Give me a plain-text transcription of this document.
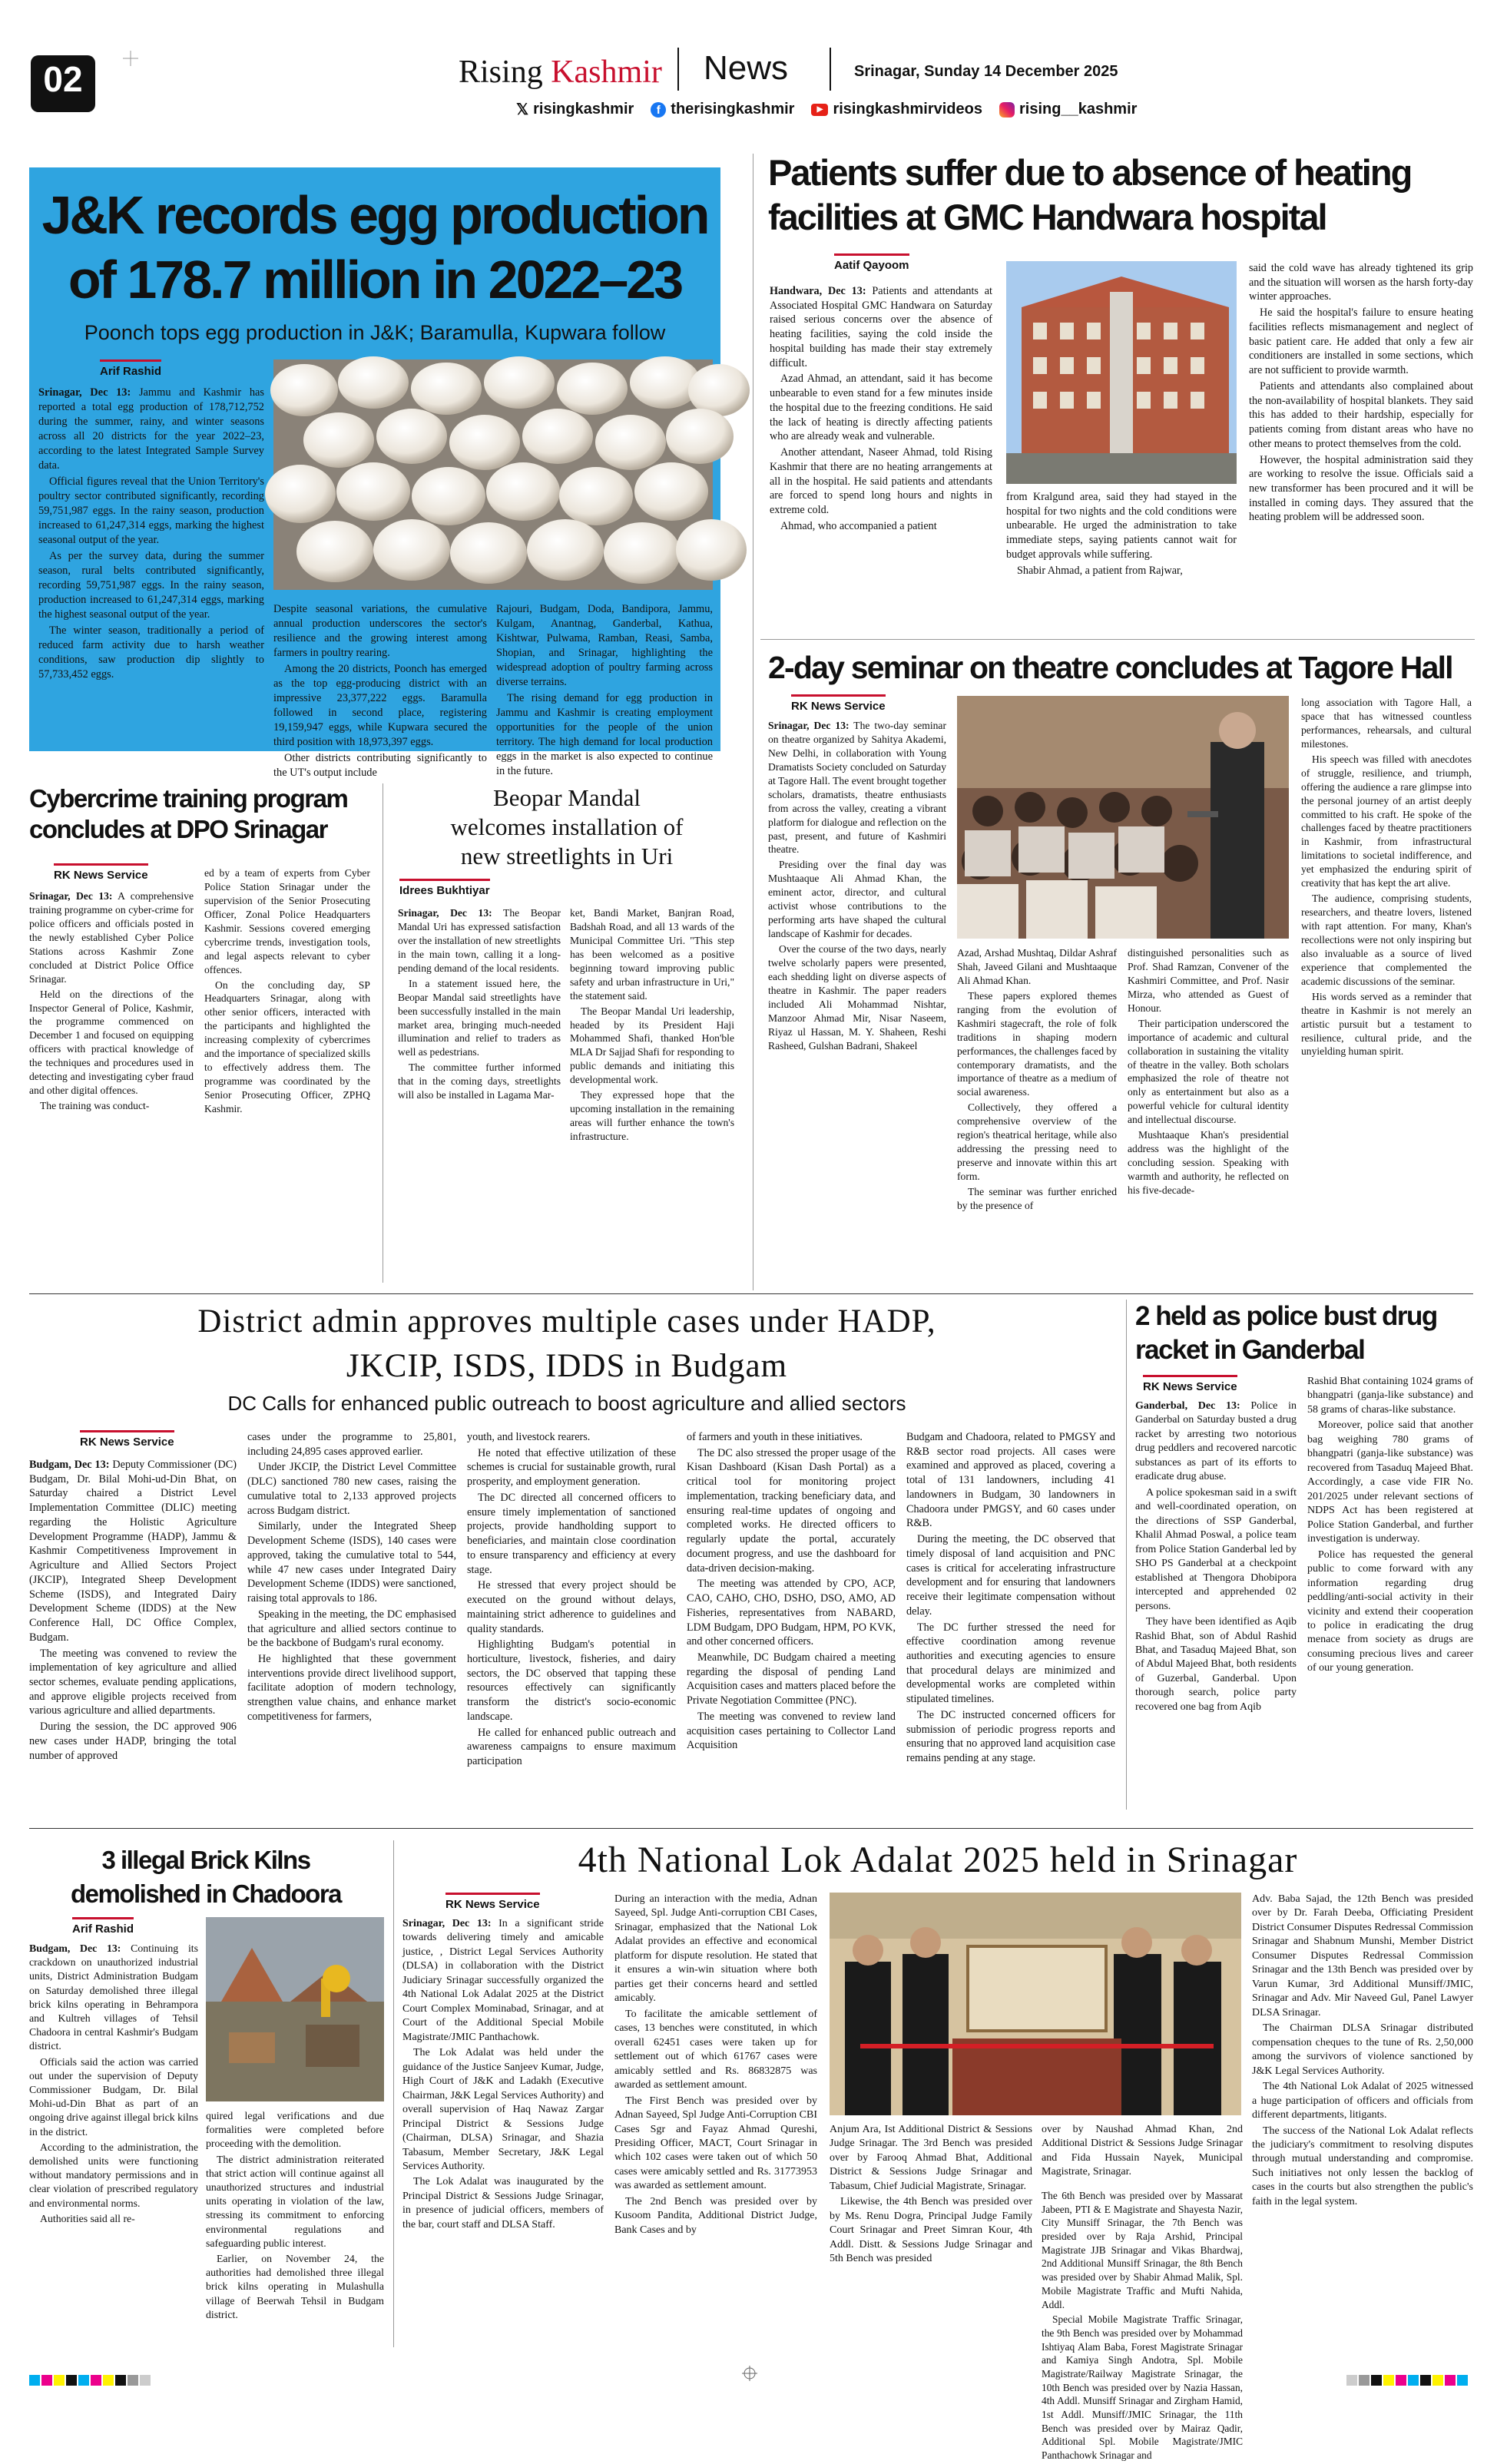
02	Rising Kashmir News	Srinagar, Sunday 14 December 2025
𝕏 risingkashmir	f therisingkashmir	▶ risingkashmirvideos rising__kashmir
J&K records egg production
of 178.7 million in 2022–23
Poonch tops egg production in J&K; Baramulla, Kupwara follow
Arif Rashid

Srinagar, Dec 13: Jammu and Kashmir has reported a total egg production of 178,712,752 during the summer, rainy, and winter seasons across all 20 districts for the year 2022–23, according to the latest Integrated Sample Survey data.

Official figures reveal that the Union Territory's poultry sector contributed significantly, recording 59,751,987 eggs. In the rainy season, production increased to 61,247,314 eggs, marking the highest seasonal output of the year.

As per the survey data, during the summer season, rural belts contributed significantly, recording 59,751,987 eggs. In the rainy season, production increased to 61,247,314 eggs, marking the highest seasonal output of the year.

The winter season, traditionally a period of reduced farm activity due to harsh weather conditions, saw production dip slightly to 57,733,452 eggs.

Despite seasonal variations, the cumulative annual production underscores the sector's resilience and the growing interest among farmers in poultry rearing.

Among the 20 districts, Poonch has emerged as the top egg-producing district with an impressive 23,377,222 eggs. Baramulla followed in second place, registering 19,159,947 eggs, while Kupwara secured the third position with 18,973,397 eggs.

Other districts contributing significantly to the UT's output include

Rajouri, Budgam, Doda, Bandipora, Jammu, Kulgam, Anantnag, Ganderbal, Kathua, Kishtwar, Pulwama, Ramban, Reasi, Samba, Shopian, and Srinagar, highlighting the widespread adoption of poultry farming across diverse terrains.

The rising demand for egg production in Jammu and Kashmir is creating employment opportunities for the people of the union territory. The high demand for local production eggs in the market is also expected to continue in the future.

Patients suffer due to absence of heating
facilities at GMC Handwara hospital
Aatif Qayoom

Handwara, Dec 13: Patients and attendants at Associated Hospital GMC Handwara on Saturday raised serious concerns over the absence of heating facilities, saying the cold inside the hospital building has made their stay extremely difficult.

Azad Ahmad, an attendant, said it has become unbearable to even stand for a few minutes inside the hospital due to the freezing conditions. He said the lack of heating is directly affecting patients who are already weak and vulnerable.

Another attendant, Naseer Ahmad, told Rising Kashmir that there are no heating arrangements at all in the hospital. He said patients and attendants are forced to spend long hours and nights in extreme cold.

Ahmad, who accompanied a patient

from Kralgund area, said they had stayed in the hospital for two nights and the cold conditions were unbearable. He urged the administration to take immediate steps, saying patients cannot wait for budget approvals while suffering.

Shabir Ahmad, a patient from Rajwar,

said the cold wave has already tightened its grip and the situation will worsen as the harsh forty-day winter approaches.

He said the hospital's failure to ensure heating facilities reflects mismanagement and neglect of basic patient care. He added that only a few air conditioners are installed in some sections, which are not sufficient to provide warmth.

Patients and attendants also complained about the non-availability of hospital blankets. They said this has added to their hardship, especially for patients coming from distant areas who have no other means to protect themselves from the cold.

However, the hospital administration said they are working to resolve the issue. Officials said a new transformer has been procured and it will be installed in coming days. They assured that the heating problem will be addressed soon.

2-day seminar on theatre concludes at Tagore Hall
RK News Service

Srinagar, Dec 13: The two-day seminar on theatre organized by Sahitya Akademi, New Delhi, in collaboration with Young Dramatists Society concluded on Saturday at Tagore Hall. The event brought together scholars, dramatists, theatre enthusiasts from across the valley, creating a vibrant platform for dialogue and reflection on the past, present, and future of Kashmiri theatre.

Presiding over the final day was Mushtaaque Ali Ahmad Khan, the eminent actor, director, and cultural activist whose contributions to the performing arts have shaped the cultural landscape of Kashmir for decades.

Over the course of the two days, nearly twelve scholarly papers were presented, each shedding light on diverse aspects of theatre in Kashmir. The paper readers included Ali Mohammad Nishtar, Manzoor Ahmad Mir, Nisar Naseem, Riyaz ul Hassan, M. Y. Shaheen, Reshi Rasheed, Gulshan Badrani, Shakeel

Azad, Arshad Mushtaq, Dildar Ashraf Shah, Javeed Gilani and Mushtaaque Ali Ahmad Khan.

These papers explored themes ranging from the evolution of Kashmiri stagecraft, the role of folk traditions in shaping modern performances, the challenges faced by contemporary dramatists, and the importance of theatre as a medium of social awareness.

Collectively, they offered a comprehensive overview of the region's theatrical heritage, while also addressing the pressing need to preserve and innovate within this art form.

The seminar was further enriched by the presence of

distinguished personalities such as Prof. Shad Ramzan, Convener of the Kashmiri Committee, and Prof. Nasir Mirza, who attended as Guest of Honour.

Their participation underscored the importance of academic and cultural collaboration in sustaining the vitality of theatre in the valley. Both scholars emphasized the role of theatre not only as entertainment but also as a powerful vehicle for cultural identity and intellectual discourse.

Mushtaaque Khan's presidential address was the highlight of the concluding session. Speaking with warmth and authority, he reflected on his five-decade-

long association with Tagore Hall, a space that has witnessed countless performances, rehearsals, and cultural milestones.

His speech was filled with anecdotes of struggle, resilience, and triumph, offering the audience a rare glimpse into the personal journey of an artist deeply committed to his craft. He spoke of the challenges faced by theatre practitioners in Kashmir, from infrastructural limitations to societal indifference, and yet emphasized the enduring spirit of creativity that has kept the art alive.

The audience, comprising students, researchers, and theatre lovers, listened with rapt attention. For many, Khan's recollections were not only inspiring but also invaluable as a source of lived experience that complemented the academic discussions of the seminar.

His words served as a reminder that theatre in Kashmir is not merely an artistic pursuit but a testament to resilience, cultural pride, and the unyielding human spirit.

Cybercrime training program
concludes at DPO Srinagar
RK News Service

Srinagar, Dec 13: A comprehensive training programme on cyber-crime for police officers and officials posted in the newly established Cyber Police Stations across Kashmir Zone concluded at District Police Office Srinagar.

Held on the directions of the Inspector General of Police, Kashmir, the programme commenced on December 1 and focused on equipping officers with practical knowledge of the techniques and procedures used in detecting and investigating cyber fraud and other digital offences.

The training was conduct-

ed by a team of experts from Cyber Police Station Srinagar under the supervision of the Senior Prosecuting Officer, Zonal Police Headquarters Kashmir. Sessions covered emerging cybercrime trends, investigation tools, and legal aspects relevant to cyber offences.

On the concluding day, SP Headquarters Srinagar, along with other senior officers, interacted with the participants and highlighted the increasing complexity of cybercrimes and the importance of specialized skills to effectively address them. The programme was coordinated by the Senior Prosecuting Officer, ZPHQ Kashmir.

Beopar Mandal
welcomes installation of
new streetlights in Uri
Idrees Bukhtiyar

Srinagar, Dec 13: The Beopar Mandal Uri has expressed satisfaction over the installation of new streetlights in the main town, calling it a long-pending demand of the local residents.

In a statement issued here, the Beopar Mandal said streetlights have been successfully installed in the main market area, bringing much-needed illumination and relief to traders as well as pedestrians.

The committee further informed that in the coming days, streetlights will also be installed in Lagama Mar-

ket, Bandi Market, Banjran Road, Badshah Road, and all 13 wards of the Municipal Committee Uri. "This step has been welcomed as a positive beginning toward improving public safety and urban infrastructure in Uri," the statement said.

The Beopar Mandal Uri leadership, headed by its President Haji Mohammed Shafi, thanked Hon'ble MLA Dr Sajjad Shafi for responding to public demands and initiating this developmental work.

They expressed hope that the upcoming installation in the remaining areas will further enhance the town's infrastructure.

District admin approves multiple cases under HADP,
JKCIP, ISDS, IDDS in Budgam
DC Calls for enhanced public outreach to boost agriculture and allied sectors
RK News Service

Budgam, Dec 13: Deputy Commissioner (DC) Budgam, Dr. Bilal Mohi-ud-Din Bhat, on Saturday chaired a District Level Implementation Committee (DLIC) meeting regarding the Holistic Agriculture Development Programme (HADP), Jammu & Kashmir Competitiveness Improvement in Agriculture and Allied Sectors Project (JKCIP), Integrated Sheep Development Scheme (ISDS), and Integrated Dairy Development Scheme (IDDS) at the New Conference Hall, DC Office Complex, Budgam.

The meeting was convened to review the implementation of key agriculture and allied sector schemes, evaluate pending applications, and approve eligible projects received from various agriculture and allied departments.

During the session, the DC approved 906 new cases under HADP, bringing the total number of approved

cases under the programme to 25,801, including 24,895 cases approved earlier.

Under JKCIP, the District Level Committee (DLC) sanctioned 780 new cases, raising the cumulative total to 2,133 approved projects across Budgam district.

Similarly, under the Integrated Sheep Development Scheme (ISDS), 140 cases were approved, taking the cumulative total to 544, while 47 new cases under Integrated Dairy Development Scheme (IDDS) were sanctioned, raising total approvals to 186.

Speaking in the meeting, the DC emphasised that agriculture and allied sectors continue to be the backbone of Budgam's rural economy.

He highlighted that these government interventions provide direct livelihood support, facilitate adoption of modern technology, strengthen value chains, and enhance market competitiveness for farmers,

youth, and livestock rearers.

He noted that effective utilization of these schemes is crucial for sustainable growth, rural prosperity, and employment generation.

The DC directed all concerned officers to ensure timely implementation of sanctioned projects, provide handholding support to beneficiaries, and maintain close coordination to ensure transparency and efficiency at every stage.

He stressed that every project should be executed on the ground without delays, maintaining strict adherence to guidelines and quality standards.

Highlighting Budgam's potential in horticulture, livestock, fisheries, and dairy sectors, the DC observed that tapping these resources effectively can significantly transform the district's socio-economic landscape.

He called for enhanced public outreach and awareness campaigns to ensure maximum participation

of farmers and youth in these initiatives.

The DC also stressed the proper usage of the Kisan Dashboard (Kisan Dash Portal) as a critical tool for monitoring project implementation, tracking beneficiary data, and ensuring real-time updates of ongoing and completed works. He directed officers to regularly update the portal, accurately document progress, and use the dashboard for data-driven decision-making.

The meeting was attended by CPO, ACP, CAO, CAHO, CHO, DSHO, DSO, AMO, AD Fisheries, representatives from NABARD, LDM Budgam, DPO Budgam, HPM, PO KVK, and other concerned officers.

Meanwhile, DC Budgam chaired a meeting regarding the disposal of pending Land Acquisition cases and matters placed before the Private Negotiation Committee (PNC).

The meeting was convened to review land acquisition cases pertaining to Collector Land Acquisition

Budgam and Chadoora, related to PMGSY and R&B sector road projects. All cases were examined and approved as placed, covering a total of 131 landowners, including 41 landowners in Budgam, 30 landowners in Chadoora under PMGSY, and 60 cases under R&B.

During the meeting, the DC observed that timely disposal of land acquisition and PNC cases is critical for accelerating infrastructure development and for ensuring that landowners receive their legitimate compensation without delay.

The DC further stressed the need for effective coordination among revenue authorities and executing agencies to ensure that procedural delays are minimized and developmental works are completed within stipulated timelines.

The DC instructed concerned officers for submission of periodic progress reports and ensuring that no approved land acquisition case remains pending at any stage.

2 held as police bust drug
racket in Ganderbal
RK News Service

Ganderbal, Dec 13: Police in Ganderbal on Saturday busted a drug racket by arresting two notorious drug peddlers and recovered narcotic substances as part of its efforts to eradicate drug abuse.

A police spokesman said in a swift and well-coordinated operation, on the directions of SSP Ganderbal, Khalil Ahmad Poswal, a police team from Police Station Ganderbal led by SHO PS Ganderbal at a checkpoint established at Thengora Dhobipora intercepted and apprehended 02 persons.

They have been identified as Aqib Rashid Bhat, son of Abdul Rashid Bhat, and Tasaduq Majeed Bhat, son of Abdul Majeed Bhat, both residents of Guzerbal, Ganderbal. Upon thorough search, police party recovered one bag from Aqib

Rashid Bhat containing 1024 grams of bhangpatri (ganja-like substance) and 58 grams of charas-like substance.

Moreover, police said that another bag weighing 780 grams of bhangpatri (ganja-like substance) was recovered from Tasaduq Majeed Bhat. Accordingly, a case vide FIR No. 201/2025 under relevant sections of NDPS Act has been registered at Police Station Ganderbal, and further investigation is underway.

Police has requested the general public to come forward with any information regarding drug peddling/anti-social activity in their vicinity and extend their cooperation to police in eradicating the drug menace from society as drugs are consuming precious lives and career of our young generation.

3 illegal Brick Kilns
demolished in Chadoora
Arif Rashid

Budgam, Dec 13: Continuing its crackdown on unauthorized industrial units, District Administration Budgam on Saturday demolished three illegal brick kilns operating in Behrampora and Kultreh villages of Tehsil Chadoora in central Kashmir's Budgam district.

Officials said the action was carried out under the supervision of Deputy Commissioner Budgam, Dr. Bilal Mohi-ud-Din Bhat as part of an ongoing drive against illegal brick kilns in the district.

According to the administration, the demolished units were functioning without mandatory permissions and in clear violation of prescribed regulatory and environmental norms.

Authorities said all re-

quired legal verifications and due formalities were completed before proceeding with the demolition.

The district administration reiterated that strict action will continue against all unauthorized structures and industrial units operating in violation of the law, stressing its commitment to enforcing environmental regulations and safeguarding public interest.

Earlier, on November 24, the authorities had demolished three illegal brick kilns operating in Mulashulla village of Beerwah Tehsil in Budgam district.

4th National Lok Adalat 2025 held in Srinagar
RK News Service

Srinagar, Dec 13: In a significant stride towards delivering timely and amicable justice, , District Legal Services Authority (DLSA) in collaboration with the District Judiciary Srinagar successfully organized the 4th National Lok Adalat 2025 at the District Court Complex Mominabad, Srinagar, and at Court of the Additional Special Mobile Magistrate/JMIC Panthachowk.

The Lok Adalat was held under the guidance of the Justice Sanjeev Kumar, Judge, High Court of J&K and Ladakh (Executive Chairman, J&K Legal Services Authority) and overall supervision of Haq Nawaz Zargar Principal District & Sessions Judge (Chairman, DLSA) Srinagar, and Shazia Tabasum, Member Secretary, J&K Legal Services Authority.

The Lok Adalat was inaugurated by the Principal District & Sessions Judge Srinagar, in presence of judicial officers, members of the bar, court staff and DLSA Staff.

During an interaction with the media, Adnan Sayeed, Spl. Judge Anti-corruption CBI Cases, Srinagar, emphasized that the National Lok Adalat provides an effective and economical platform for dispute resolution. He stated that it ensures a win-win situation where both parties get their concerns heard and settled amicably.

To facilitate the amicable settlement of cases, 13 benches were constituted, in which overall 62451 cases were taken up for settlement out of which 61767 cases were amicably settled and Rs. 86832875 was awarded as settlement amount.

The First Bench was presided over by Adnan Sayeed, Spl Judge Anti-Corruption CBI Cases Sgr and Fayaz Ahmad Qureshi, Presiding Officer, MACT, Court Srinagar in which 102 cases were taken out of which 50 cases were amicably settled and Rs. 31773953 was awarded as settlement amount.

The 2nd Bench was presided over by Kusoom Pandita, Additional District Judge, Bank Cases and by

Anjum Ara, Ist Additional District & Sessions Judge Srinagar. The 3rd Bench was presided over by Farooq Ahmad Bhat, Additional District & Sessions Judge Srinagar and Tabasum, Chief Judicial Magistrate, Srinagar.

Likewise, the 4th Bench was presided over by Ms. Renu Dogra, Principal Judge Family Court Srinagar and Preet Simran Kour, 4th Addl. Distt. & Sessions Judge Srinagar and 5th Bench was presided

over by Naushad Ahmad Khan, 2nd Additional District & Sessions Judge Srinagar and Fida Hussain Nayek, Municipal Magistrate, Srinagar.

Adv. Baba Sajad, the 12th Bench was presided over by Dr. Farah Deeba, Officiating President District Consumer Disputes Redressal Commission Srinagar and Shabnum Munshi, Member District Consumer Disputes Redressal Commission Srinagar and the 13th Bench was presided over by Varun Kumar, 3rd Additional Munsiff/JMIC, Srinagar and Adv. Mir Naveed Gul, Panel Lawyer DLSA Srinagar.

The Chairman DLSA Srinagar distributed compensation cheques to the tune of Rs. 2,50,000 among the survivors of violence sanctioned by J&K Legal Services Authority.

The 4th National Lok Adalat of 2025 witnessed a huge participation of officers and officials from different departments, litigants.

The success of the National Lok Adalat reflects the judiciary's commitment to resolving disputes through mutual understanding and compromise. Such initiatives not only lessen the backlog of cases in the courts but also strengthen the public's faith in the legal system.

The 6th Bench was presided over by Massarat Jabeen, PTI & E Magistrate and Shayesta Nazir, City Munsiff Srinagar, the 7th Bench was presided over by Raja Arshid, Principal Magistrate JJB Srinagar and Vikas Bhardwaj, 2nd Additional Munsiff Srinagar, the 8th Bench was presided over by Shabir Ahmad Malik, Spl. Mobile Magistrate Traffic and Mufti Nahida, Addl.

Special Mobile Magistrate Traffic Srinagar, the 9th Bench was presided over by Mohammad Ishtiyaq Alam Baba, Forest Magistrate Srinagar and Kamiya Singh Andotra, Spl. Mobile Magistrate/Railway Magistrate Srinagar, the 10th Bench was presided over by Nazia Hassan, 4th Addl. Munsiff Srinagar and Zirgham Hamid, 1st Addl. Munsiff/JMIC Srinagar, the 11th Bench was presided over by Mairaz Qadir, Additional Spl. Mobile Magistrate/JMIC Panthachowk Srinagar and
